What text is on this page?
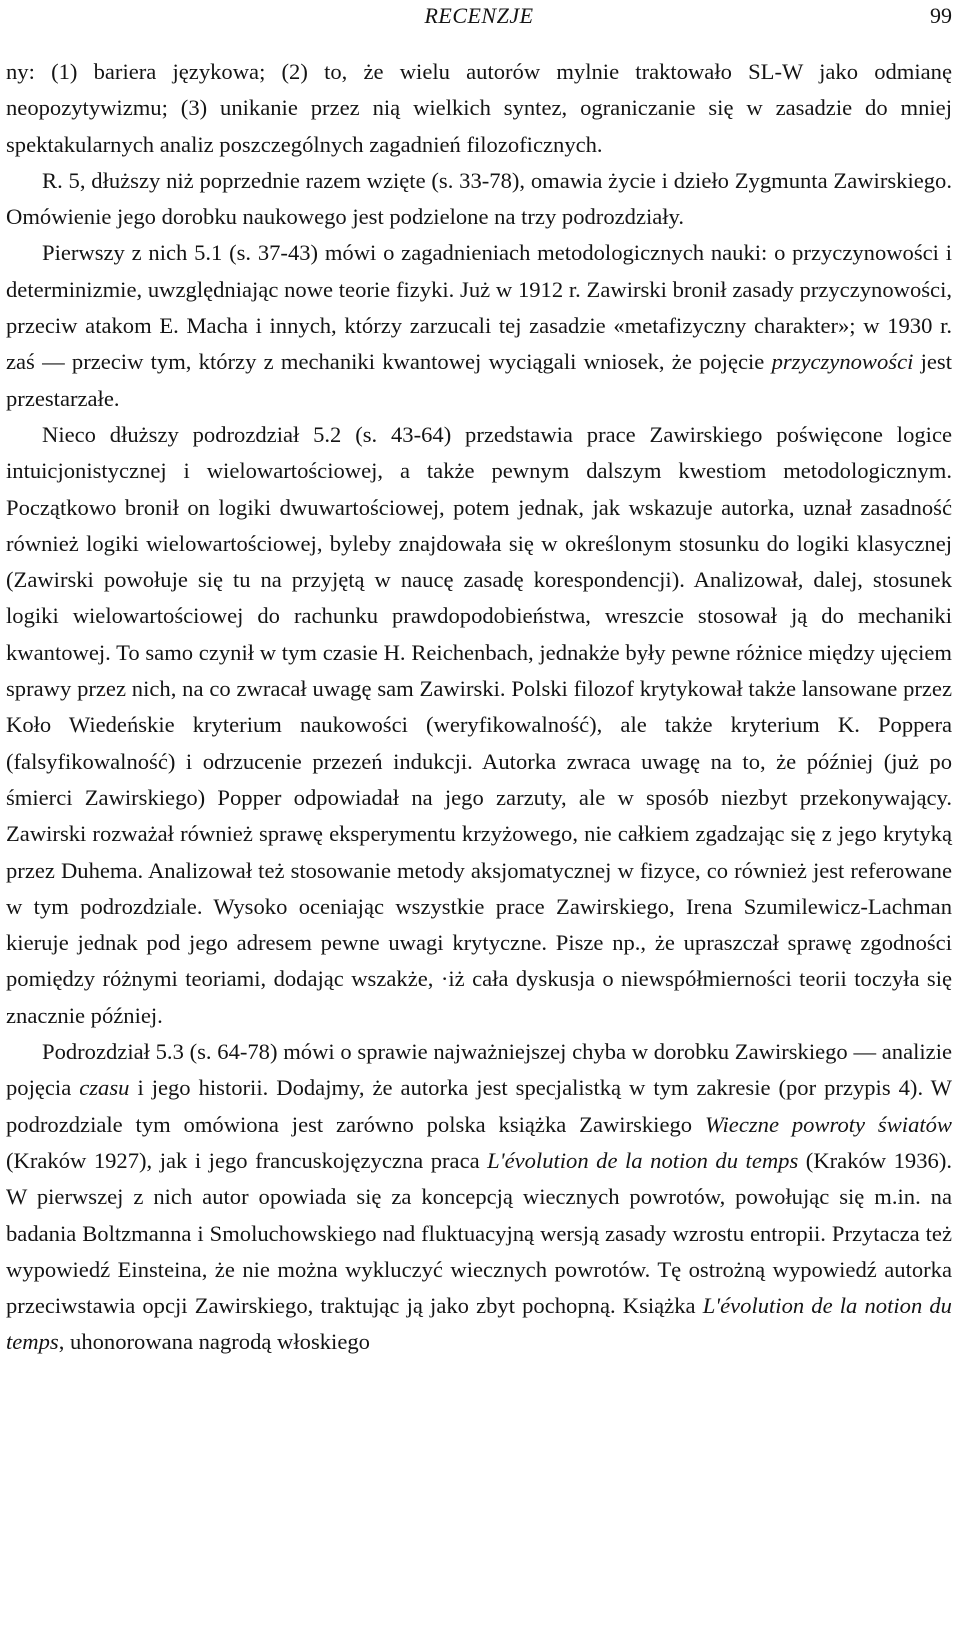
RECENZJE	99

ny: (1) bariera językowa; (2) to, że wielu autorów mylnie traktowało SL-W jako odmianę neopozytywizmu; (3) unikanie przez nią wielkich syntez, ograniczanie się w zasadzie do mniej spektakularnych analiz poszczególnych zagadnień filozoficznych.

R. 5, dłuższy niż poprzednie razem wzięte (s. 33-78), omawia życie i dzieło Zygmunta Zawirskiego. Omówienie jego dorobku naukowego jest podzielone na trzy podrozdziały.

Pierwszy z nich 5.1 (s. 37-43) mówi o zagadnieniach metodologicznych nauki: o przyczynowości i determinizmie, uwzględniając nowe teorie fizyki. Już w 1912 r. Zawirski bronił zasady przyczynowości, przeciw atakom E. Macha i innych, którzy zarzucali tej zasadzie «metafizyczny charakter»; w 1930 r. zaś — przeciw tym, którzy z mechaniki kwantowej wyciągali wniosek, że pojęcie przyczynowości jest przestarzałe.

Nieco dłuższy podrozdział 5.2 (s. 43-64) przedstawia prace Zawirskiego poświęcone logice intuicjonistycznej i wielowartościowej, a także pewnym dalszym kwestiom metodologicznym. Początkowo bronił on logiki dwuwartościowej, potem jednak, jak wskazuje autorka, uznał zasadność również logiki wielowartościowej, byleby znajdowała się w określonym stosunku do logiki klasycznej (Zawirski powołuje się tu na przyjętą w naucę zasadę korespondencji). Analizował, dalej, stosunek logiki wielowartościowej do rachunku prawdopodobieństwa, wreszcie stosował ją do mechaniki kwantowej. To samo czynił w tym czasie H. Reichenbach, jednakże były pewne różnice między ujęciem sprawy przez nich, na co zwracał uwagę sam Zawirski. Polski filozof krytykował także lansowane przez Koło Wiedeńskie kryterium naukowości (weryfikowalność), ale także kryterium K. Poppera (falsyfikowalność) i odrzucenie przezeń indukcji. Autorka zwraca uwagę na to, że później (już po śmierci Zawirskiego) Popper odpowiadał na jego zarzuty, ale w sposób niezbyt przekonywający. Zawirski rozważał również sprawę eksperymentu krzyżowego, nie całkiem zgadzając się z jego krytyką przez Duhema. Analizował też stosowanie metody aksjomatycznej w fizyce, co również jest referowane w tym podrozdziale. Wysoko oceniając wszystkie prace Zawirskiego, Irena Szumilewicz-Lachman kieruje jednak pod jego adresem pewne uwagi krytyczne. Pisze np., że upraszczał sprawę zgodności pomiędzy różnymi teoriami, dodając wszakże, ·iż cała dyskusja o niewspółmierności teorii toczyła się znacznie później.

Podrozdział 5.3 (s. 64-78) mówi o sprawie najważniejszej chyba w dorobku Zawirskiego — analizie pojęcia czasu i jego historii. Dodajmy, że autorka jest specjalistką w tym zakresie (por przypis 4). W podrozdziale tym omówiona jest zarówno polska książka Zawirskiego Wieczne powroty światów (Kraków 1927), jak i jego francuskojęzyczna praca L'évolution de la notion du temps (Kraków 1936). W pierwszej z nich autor opowiada się za koncepcją wiecznych powrotów, powołując się m.in. na badania Boltzmanna i Smoluchowskiego nad fluktuacyjną wersją zasady wzrostu entropii. Przytacza też wypowiedź Einsteina, że nie można wykluczyć wiecznych powrotów. Tę ostrożną wypowiedź autorka przeciwstawia opcji Zawirskiego, traktując ją jako zbyt pochopną. Książka L'évolution de la notion du temps, uhonorowana nagrodą włoskiego
